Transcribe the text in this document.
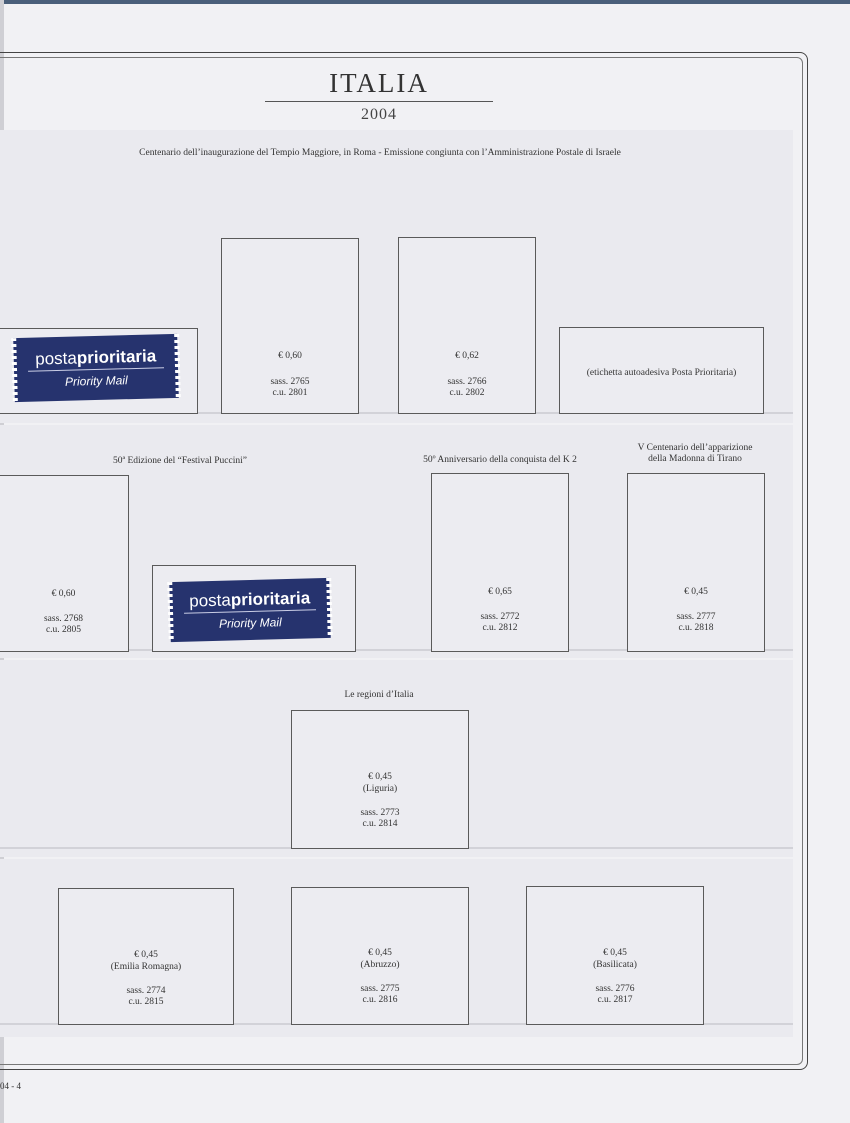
ITALIA
2004
Centenario dell’inaugurazione del Tempio Maggiore, in Roma - Emissione congiunta con l’Amministrazione Postale di Israele
postaprioritaria
Priority Mail
€ 0,60
sass. 2765
c.u. 2801
€ 0,62
sass. 2766
c.u. 2802
(etichetta autoadesiva Posta Prioritaria)
50ª Edizione del “Festival Puccini”	50º Anniversario della conquista del K 2
V Centenario dell’apparizione
della Madonna di Tirano
€ 0,60
sass. 2768
c.u. 2805
postaprioritaria
Priority Mail
€ 0,65
sass. 2772
c.u. 2812
€ 0,45
sass. 2777
c.u. 2818
Le regioni d’Italia
€ 0,45
(Liguria)
sass. 2773
c.u. 2814
€ 0,45
(Emilia Romagna)
sass. 2774
c.u. 2815
€ 0,45
(Abruzzo)
sass. 2775
c.u. 2816
€ 0,45
(Basilicata)
sass. 2776
c.u. 2817
04 - 4
